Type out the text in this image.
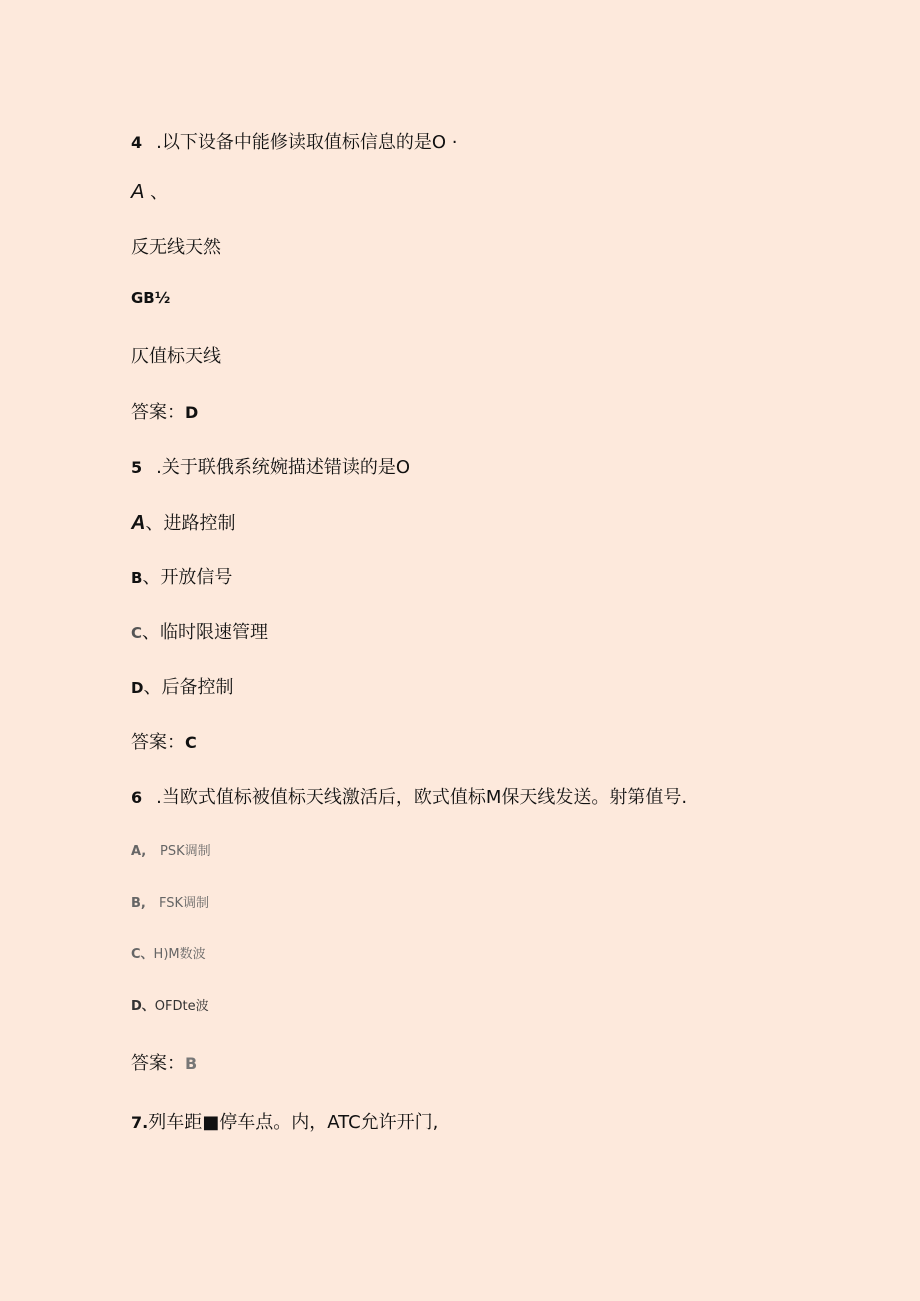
4 .以下设备中能修读取值标信息的是O ·
A 、
反无线天然
GB½
仄值标天线
答案：D
5 .关于联俄系统婉描述错读的是O
A、进路控制
B、开放信号
C、临时限速管理
D、后备控制
答案：C
6 .当欧式值标被值标天线激活后，欧式值标M保天线发送。射第值号.
A, PSK调制
B, FSK调制
C、H)M数波
D、OFDte波
答案：B
7.列车距■停车点。内，ATC允许开门,
